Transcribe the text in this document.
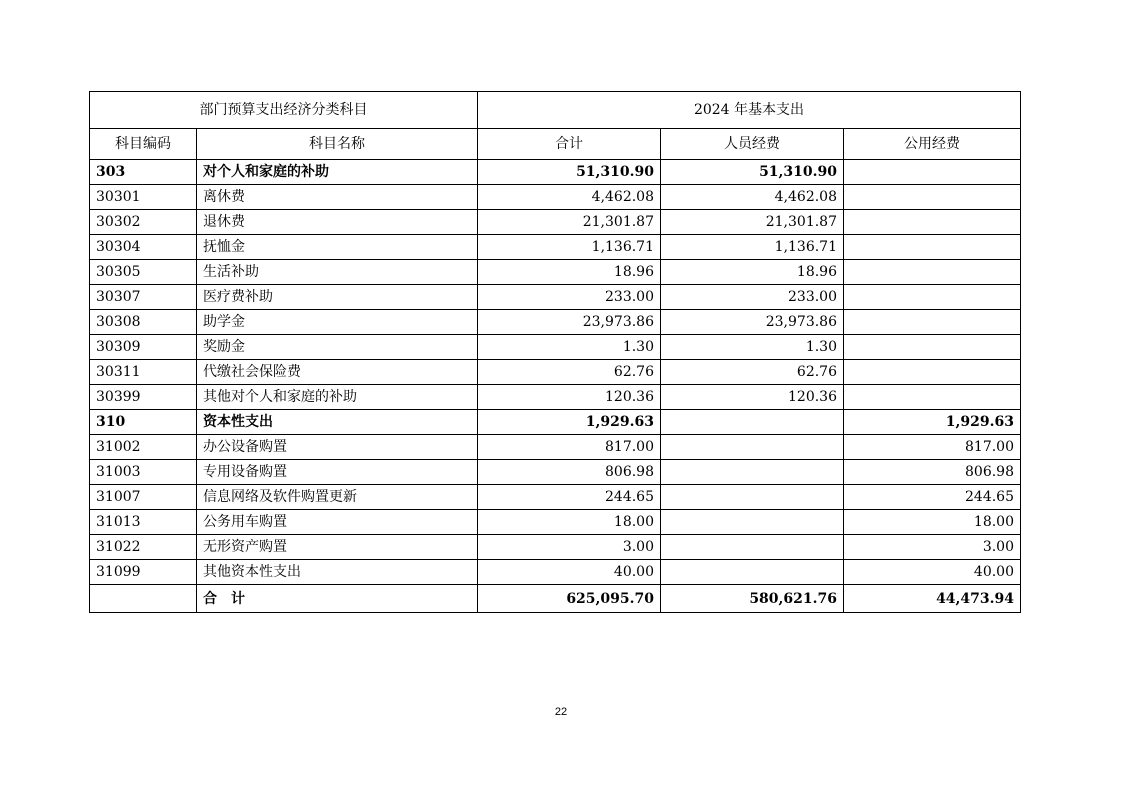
部门预算支出经济分类科目		2024 年基本支出		
科目编码	科目名称	合计	人员经费	公用经费
303	对个人和家庭的补助	51,310.90	51,310.90	
30301	离休费	4,462.08	4,462.08	
30302	退休费	21,301.87	21,301.87	
30304	抚恤金	1,136.71	1,136.71	
30305	生活补助	18.96	18.96	
30307	医疗费补助	233.00	233.00	
30308	助学金	23,973.86	23,973.86	
30309	奖励金	1.30	1.30	
30311	代缴社会保险费	62.76	62.76	
30399	其他对个人和家庭的补助	120.36	120.36	
310	资本性支出	1,929.63		1,929.63
31002	办公设备购置	817.00		817.00
31003	专用设备购置	806.98		806.98
31007	信息网络及软件购置更新	244.65		244.65
31013	公务用车购置	18.00		18.00
31022	无形资产购置	3.00		3.00
31099	其他资本性支出	40.00		40.00
	合　计	625,095.70	580,621.76	44,473.94
22
